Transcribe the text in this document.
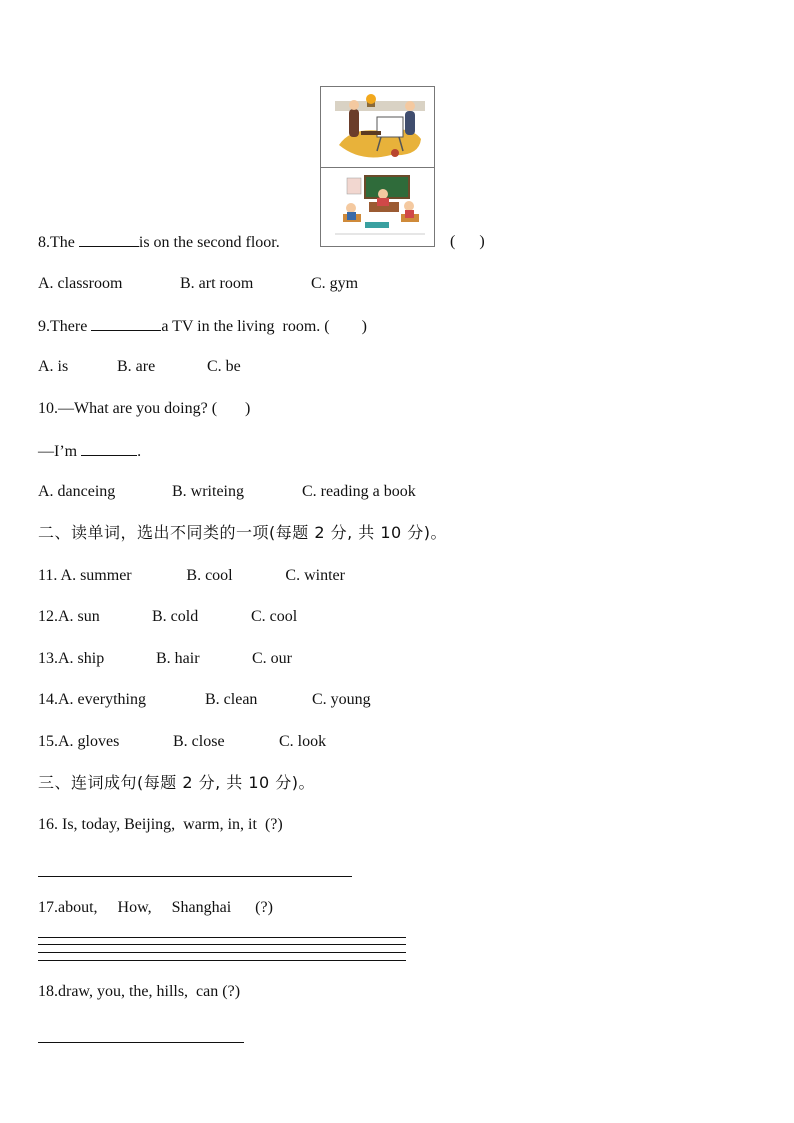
8.The	is on the second floor.	(      )
A. classroom	B. art room	C. gym
9.There	a TV in the living  room. (        )
A. is	B. are	C. be
10.—What are you doing? (       )
—I’m	.
A. danceing	B. writeing	C. reading a book
二、读单词，选出不同类的一项(每题 2 分, 共 10 分)。
11. A. summer	B. cool	C. winter
12.A. sun	B. cold	C. cool
13.A. ship	B. hair	C. our
14.A. everything	B. clean	C. young
15.A. gloves	B. close	C. look
三、连词成句(每题 2 分, 共 10 分)。
16. Is, today, Beijing,  warm, in, it  (?)
17.about,     How,     Shanghai      (?)
18.draw, you, the, hills,  can (?)
